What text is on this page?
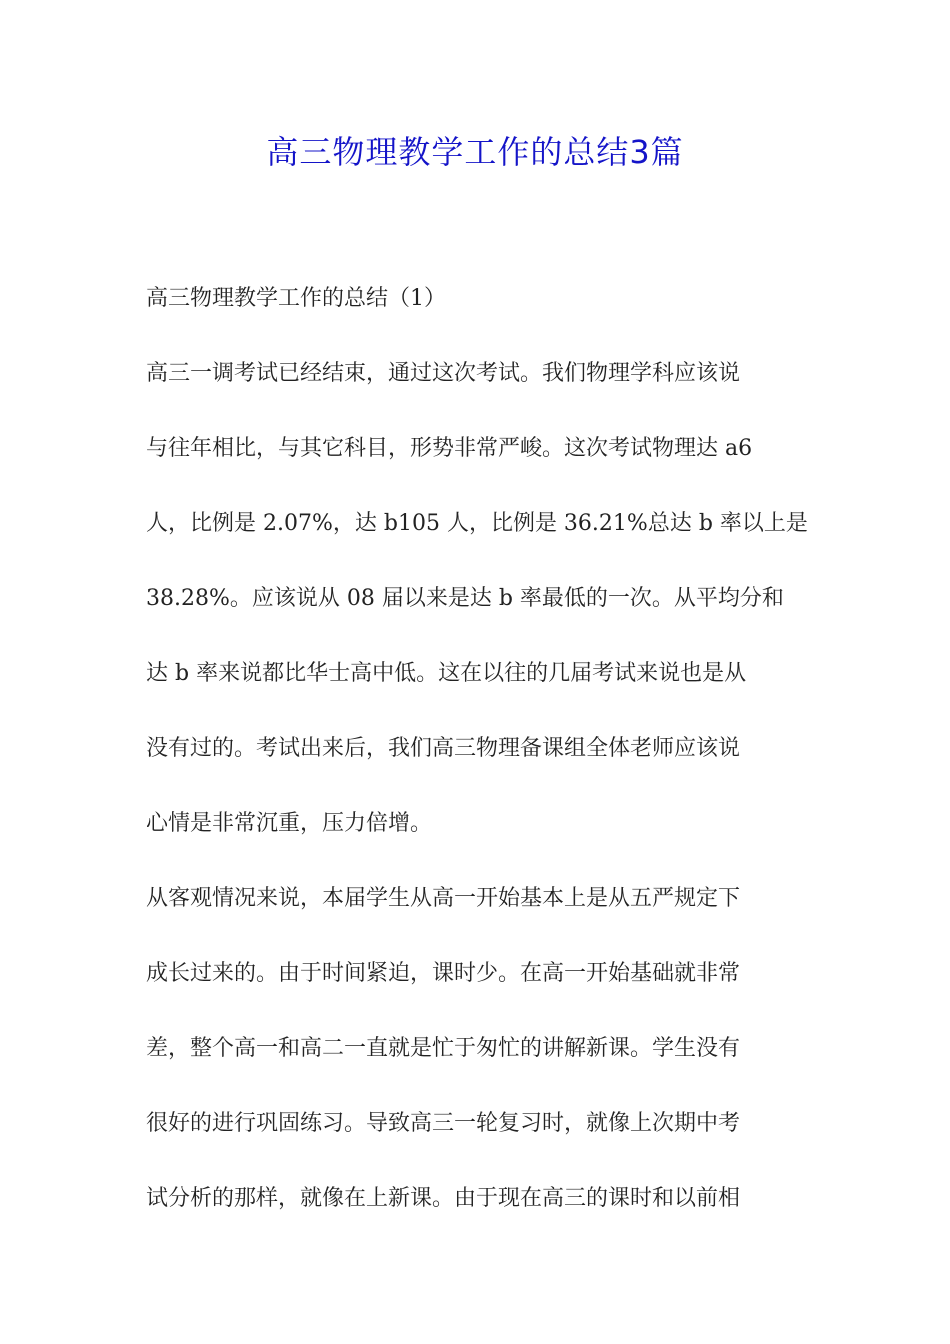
高三物理教学工作的总结3篇

高三物理教学工作的总结（1）

高三一调考试已经结束，通过这次考试。我们物理学科应该说

与往年相比，与其它科目，形势非常严峻。这次考试物理达 a6

人，比例是 2.07%，达 b105 人，比例是 36.21%总达 b 率以上是

38.28%。应该说从 08 届以来是达 b 率最低的一次。从平均分和

达 b 率来说都比华士高中低。这在以往的几届考试来说也是从

没有过的。考试出来后，我们高三物理备课组全体老师应该说

心情是非常沉重，压力倍增。

从客观情况来说，本届学生从高一开始基本上是从五严规定下

成长过来的。由于时间紧迫，课时少。在高一开始基础就非常

差，整个高一和高二一直就是忙于匆忙的讲解新课。学生没有

很好的进行巩固练习。导致高三一轮复习时，就像上次期中考

试分析的那样，就像在上新课。由于现在高三的课时和以前相
